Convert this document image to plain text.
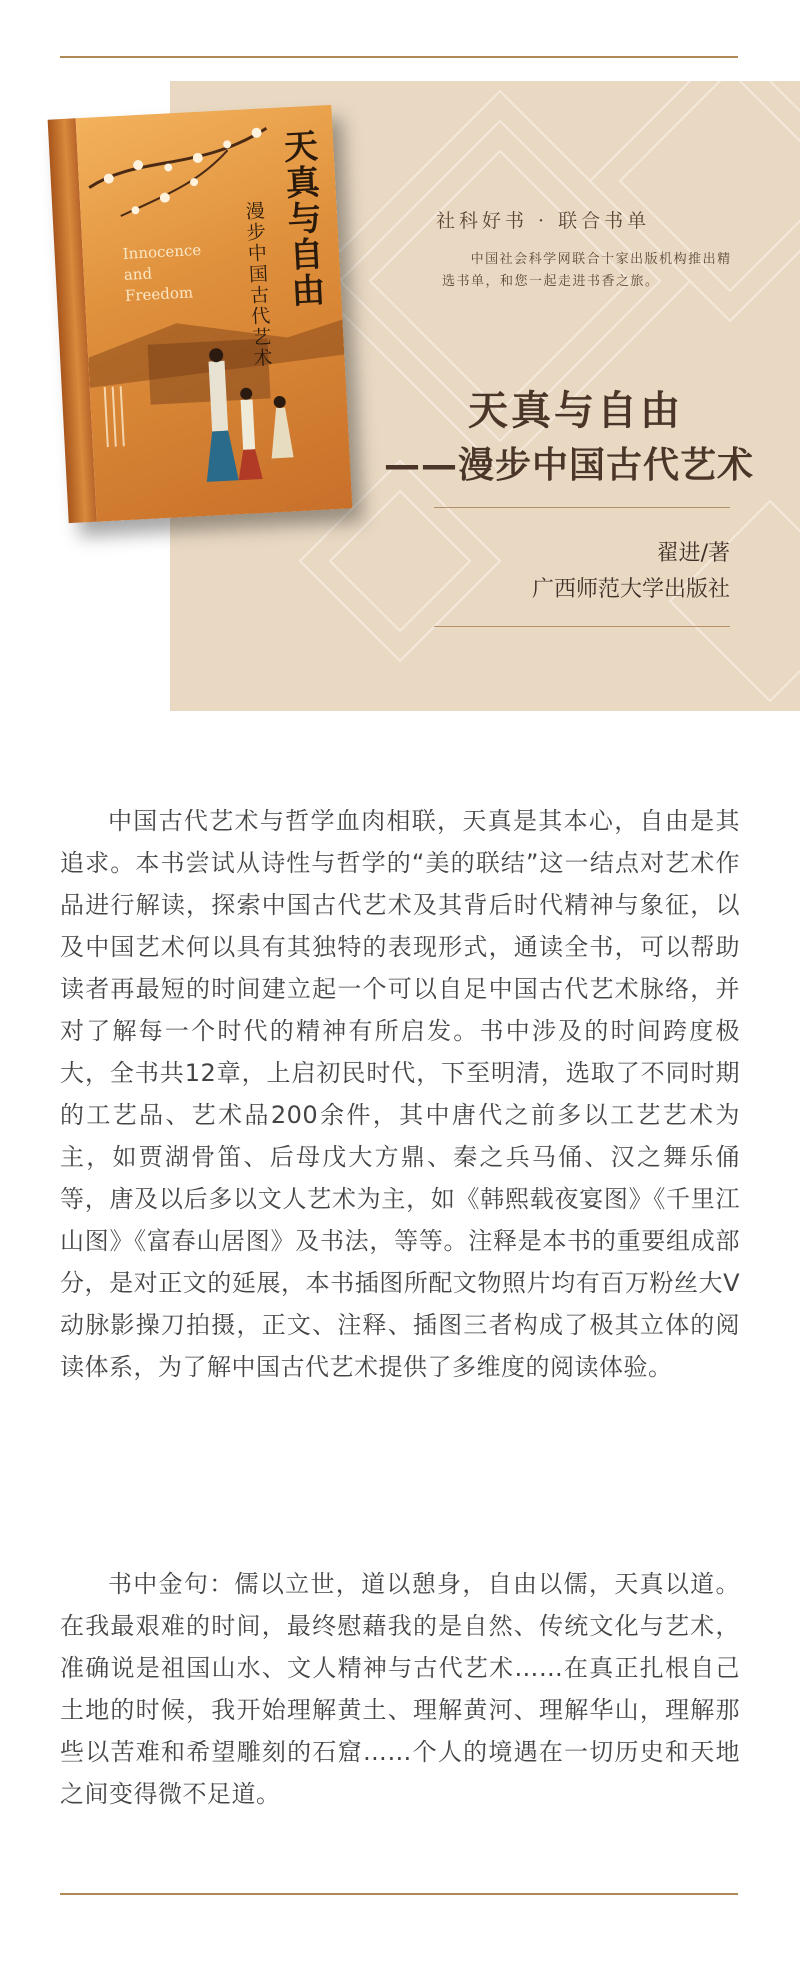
社科好书 · 联合书单
中国社会科学网联合十家出版机构推出精选书单，和您一起走进书香之旅。
天真与自由
——漫步中国古代艺术
翟进/著
广西师范大学出版社
天真与自由
漫步中国古代艺术
Innocence
and
Freedom
中国古代艺术与哲学血肉相联，天真是其本心，自由是其追求。本书尝试从诗性与哲学的“美的联结”这一结点对艺术作品进行解读，探索中国古代艺术及其背后时代精神与象征，以及中国艺术何以具有其独特的表现形式，通读全书，可以帮助读者再最短的时间建立起一个可以自足中国古代艺术脉络，并对了解每一个时代的精神有所启发。书中涉及的时间跨度极大，全书共12章，上启初民时代，下至明清，选取了不同时期的工艺品、艺术品200余件，其中唐代之前多以工艺艺术为主，如贾湖骨笛、后母戊大方鼎、秦之兵马俑、汉之舞乐俑等，唐及以后多以文人艺术为主，如《韩熙载夜宴图》《千里江山图》《富春山居图》及书法，等等。注释是本书的重要组成部分，是对正文的延展，本书插图所配文物照片均有百万粉丝大V动脉影操刀拍摄，正文、注释、插图三者构成了极其立体的阅读体系，为了解中国古代艺术提供了多维度的阅读体验。
书中金句：儒以立世，道以憩身，自由以儒，天真以道。在我最艰难的时间，最终慰藉我的是自然、传统文化与艺术，准确说是祖国山水、文人精神与古代艺术……在真正扎根自己土地的时候，我开始理解黄土、理解黄河、理解华山，理解那些以苦难和希望雕刻的石窟……个人的境遇在一切历史和天地之间变得微不足道。
